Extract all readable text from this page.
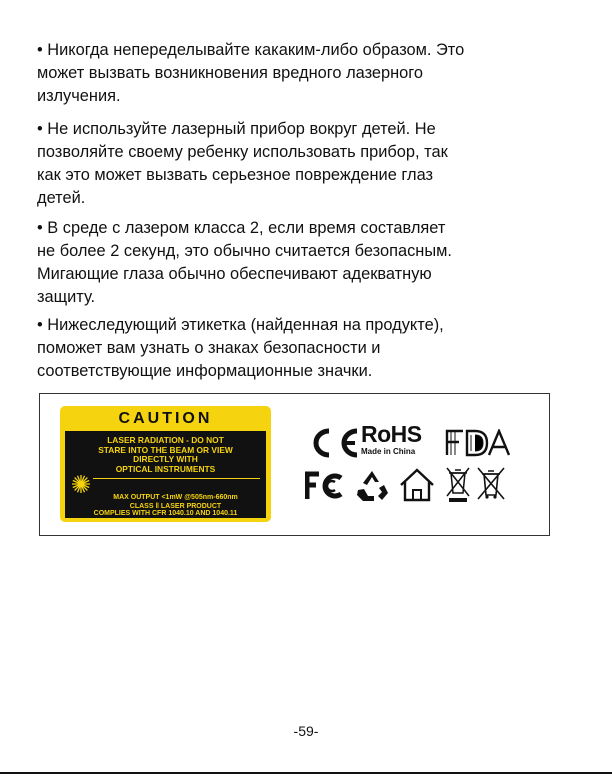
• Никогда непеределывайте какаким-либо образом. Это
может вызвать возникновения вредного лазерного
излучения.
• Не используйте лазерный прибор вокруг детей. Не
позволяйте своему ребенку использовать прибор, так
как это может вызвать серьезное повреждение глаз
детей.
• В среде с лазером класса 2, если время составляет
не более 2 секунд, это обычно считается безопасным.
Мигающие глаза обычно обеспечивают адекватную
защиту.
• Нижеследующий этикетка (найденная на продукте),
поможет вам узнать о знаках безопасности и
соответствующие информационные значки.
CAUTION
LASER RADIATION - DO NOT
STARE INTO THE BEAM OR VIEW
DIRECTLY WITH
OPTICAL INSTRUMENTS
MAX OUTPUT <1mW @505nm-660nm
CLASS ǁ LASER PRODUCT
COMPLIES WITH CFR 1040.10 AND 1040.11
RoHS
Made in China
-59-
